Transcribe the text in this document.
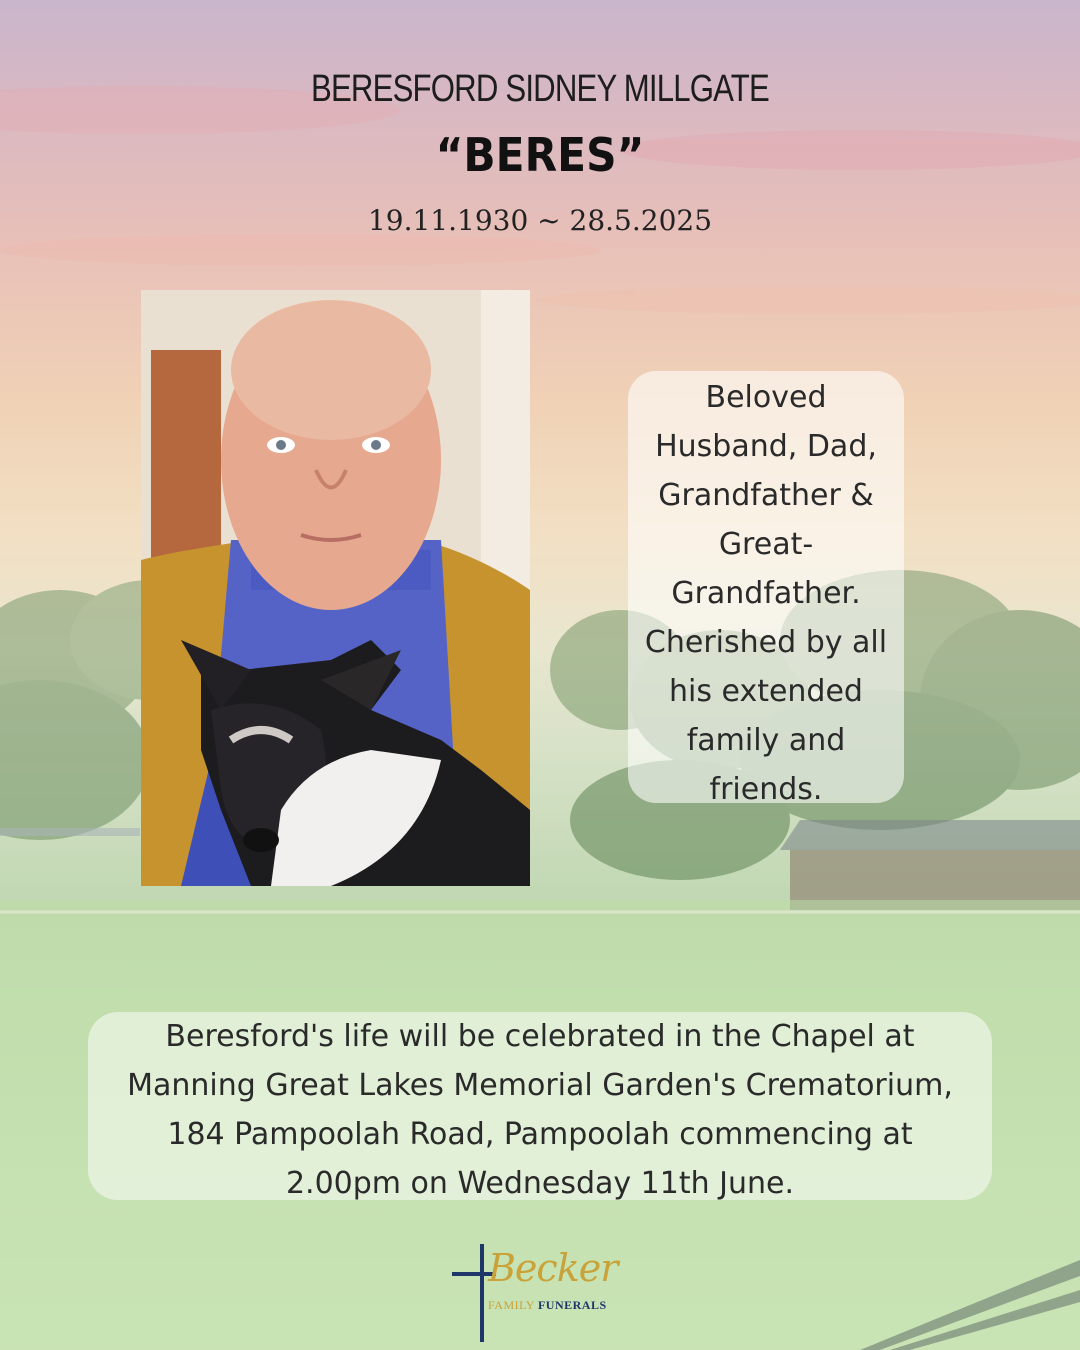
BERESFORD SIDNEY MILLGATE
“BERES”
19.11.1930 ~ 28.5.2025
Beloved
Husband, Dad,
Grandfather &
Great-
Grandfather.
Cherished by all
his extended
family and
friends.
Beresford's life will be celebrated in the Chapel at
Manning Great Lakes Memorial Garden's Crematorium,
184 Pampoolah Road, Pampoolah commencing at
2.00pm on Wednesday 11th June.
Becker
FAMILY FUNERALS
